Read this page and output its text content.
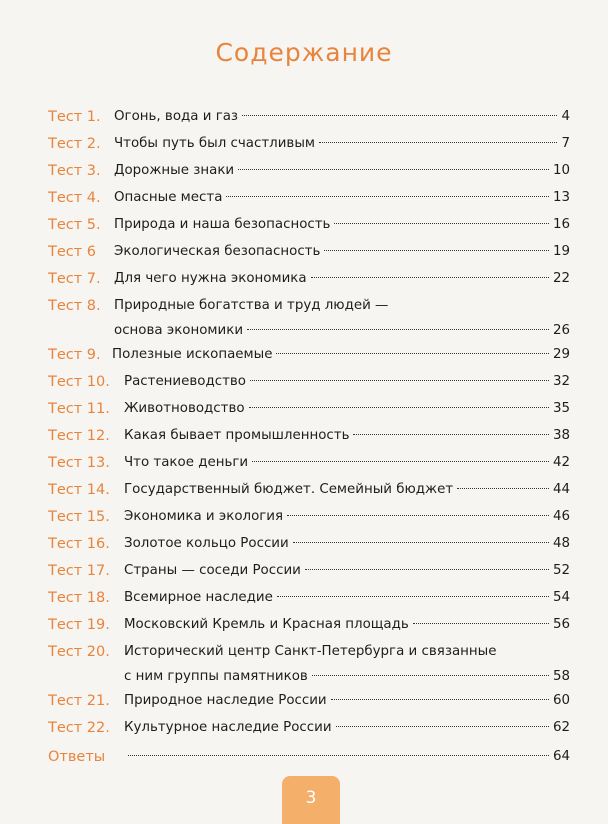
Содержание
Тест 1. Огонь, вода и газ	4
Тест 2. Чтобы путь был счастливым	7
Тест 3. Дорожные знаки	10
Тест 4. Опасные места	13
Тест 5. Природа и наша безопасность	16
Тест 6 Экологическая безопасность	19
Тест 7. Для чего нужна экономика	22
Тест 8. Природные богатства и труд людей —
основа экономики	26
Тест 9. Полезные ископаемые	29
Тест 10. Растениеводство	32
Тест 11. Животноводство	35
Тест 12. Какая бывает промышленность	38
Тест 13. Что такое деньги	42
Тест 14. Государственный бюджет. Семейный бюджет	44
Тест 15. Экономика и экология	46
Тест 16. Золотое кольцо России	48
Тест 17. Страны — соседи России	52
Тест 18. Всемирное наследие	54
Тест 19. Московский Кремль и Красная площадь	56
Тест 20. Исторический центр Санкт-Петербурга и связанные
с ним группы памятников	58
Тест 21. Природное наследие России	60
Тест 22. Культурное наследие России	62
Ответы	64
3
